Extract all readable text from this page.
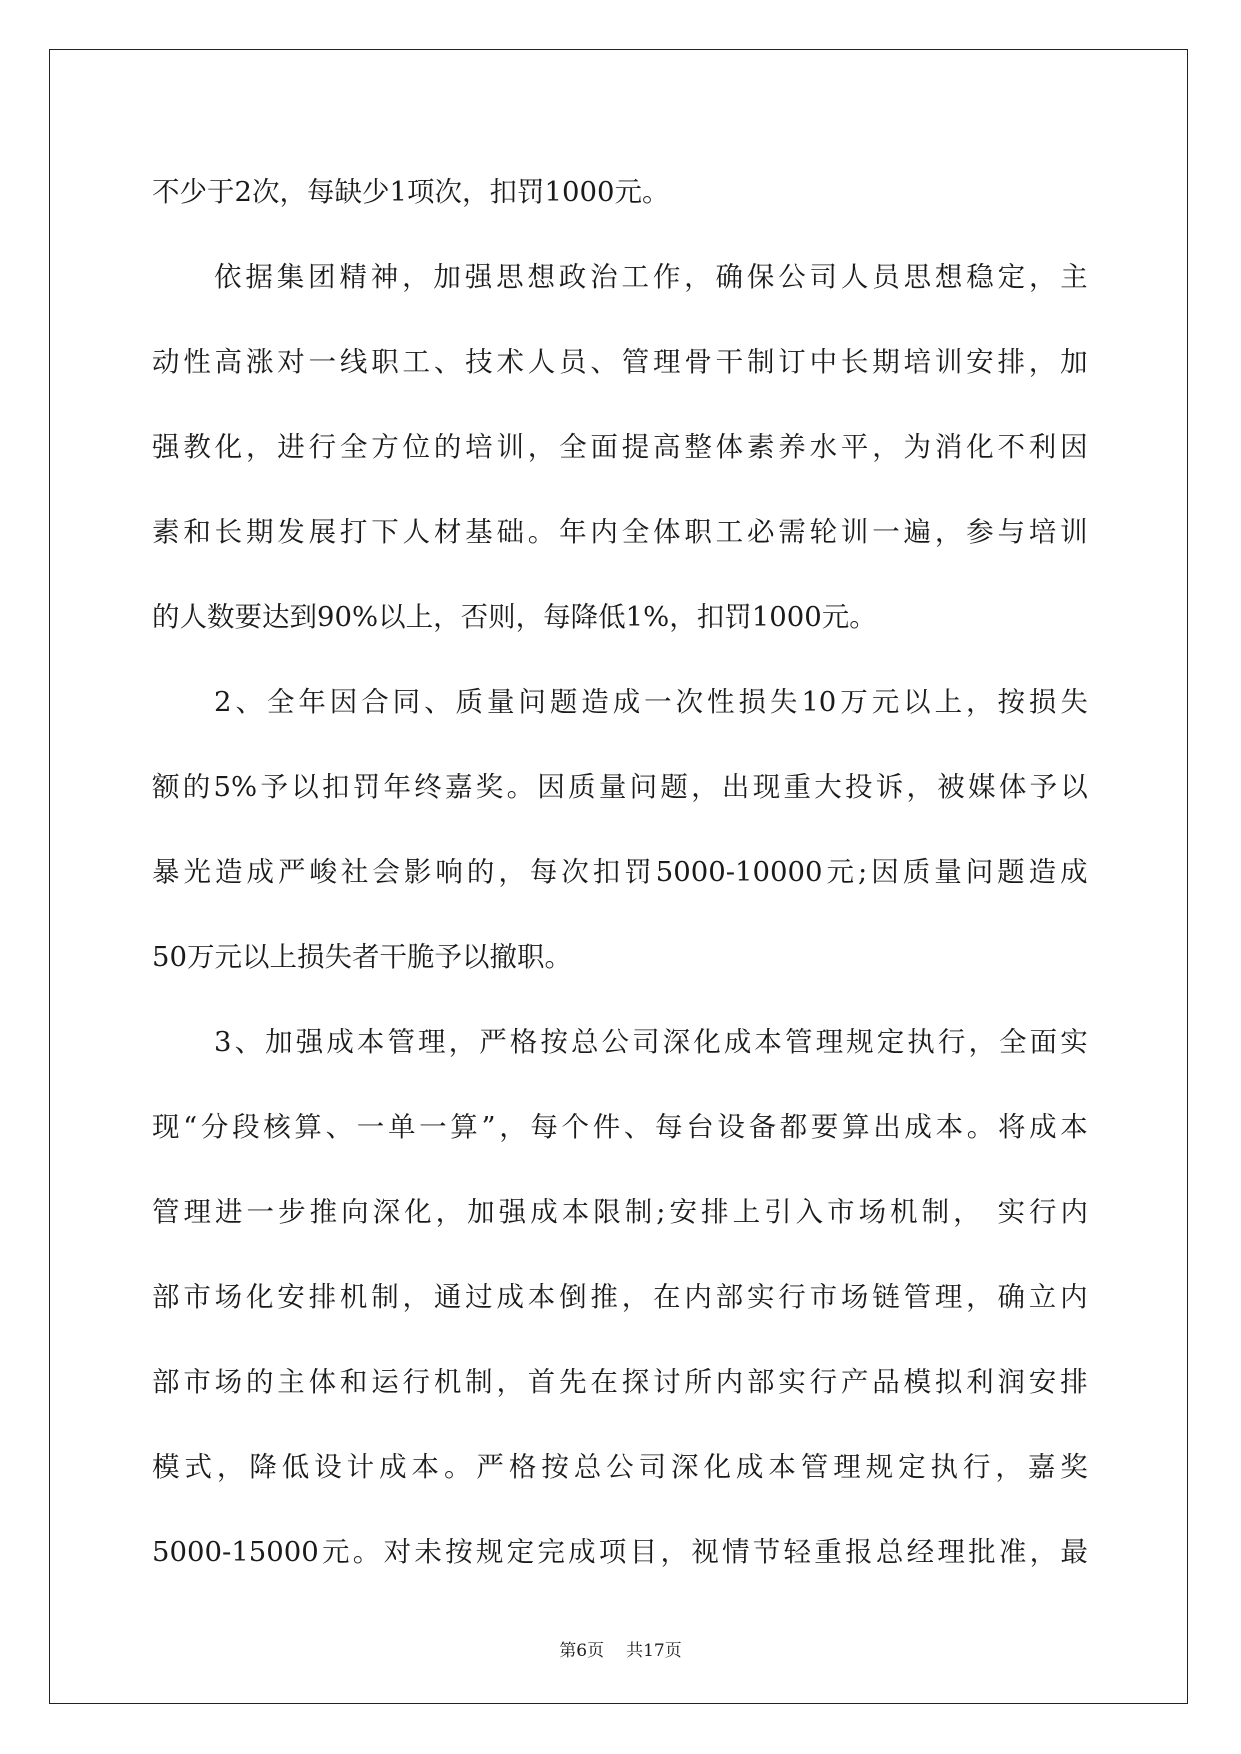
不 少 于 2 次 ， 每 缺 少 1 项 次 ， 扣 罚 1000 元 。
依 据 集 团 精 神 ， 加 强 思 想 政 治 工 作 ， 确 保 公 司 人 员 思 想 稳 定 ， 主
动 性 高 涨 对 一 线 职 工 、 技 术 人 员 、 管 理 骨 干 制 订 中 长 期 培 训 安 排 ， 加
强 教 化 ， 进 行 全 方 位 的 培 训 ， 全 面 提 高 整 体 素 养 水 平 ， 为 消 化 不 利 因
素 和 长 期 发 展 打 下 人 材 基 础 。 年 内 全 体 职 工 必 需 轮 训 一 遍 ， 参 与 培 训
的 人 数 要 达 到 90% 以 上 ， 否 则 ， 每 降 低 1% ， 扣 罚 1000 元 。
2 、 全 年 因 合 同 、 质 量 问 题 造 成 一 次 性 损 失 10 万 元 以 上 ， 按 损 失
额 的 5% 予 以 扣 罚 年 终 嘉 奖 。 因 质 量 问 题 ， 出 现 重 大 投 诉 ， 被 媒 体 予 以
暴 光 造 成 严 峻 社 会 影 响 的 ， 每 次 扣 罚 5000-10000 元 ; 因 质 量 问 题 造 成
50 万 元 以 上 损 失 者 干 脆 予 以 撤 职 。
3 、 加 强 成 本 管 理 ， 严 格 按 总 公 司 深 化 成 本 管 理 规 定 执 行 ， 全 面 实
现 “ 分 段 核 算 、 一 单 一 算 ” ， 每 个 件 、 每 台 设 备 都 要 算 出 成 本 。 将 成 本
管 理 进 一 步 推 向 深 化 ， 加 强 成 本 限 制 ; 安 排 上 引 入 市 场 机 制 ，
实 行 内
部 市 场 化 安 排 机 制 ， 通 过 成 本 倒 推 ， 在 内 部 实 行 市 场 链 管 理 ， 确 立 内
部 市 场 的 主 体 和 运 行 机 制 ， 首 先 在 探 讨 所 内 部 实 行 产 品 模 拟 利 润 安 排
模 式 ， 降 低 设 计 成 本 。 严 格 按 总 公 司 深 化 成 本 管 理 规 定 执 行 ， 嘉 奖
5000-15000 元 。 对 未 按 规 定 完 成 项 目 ， 视 情 节 轻 重 报 总 经 理 批 准 ， 最
第6页 共17页
